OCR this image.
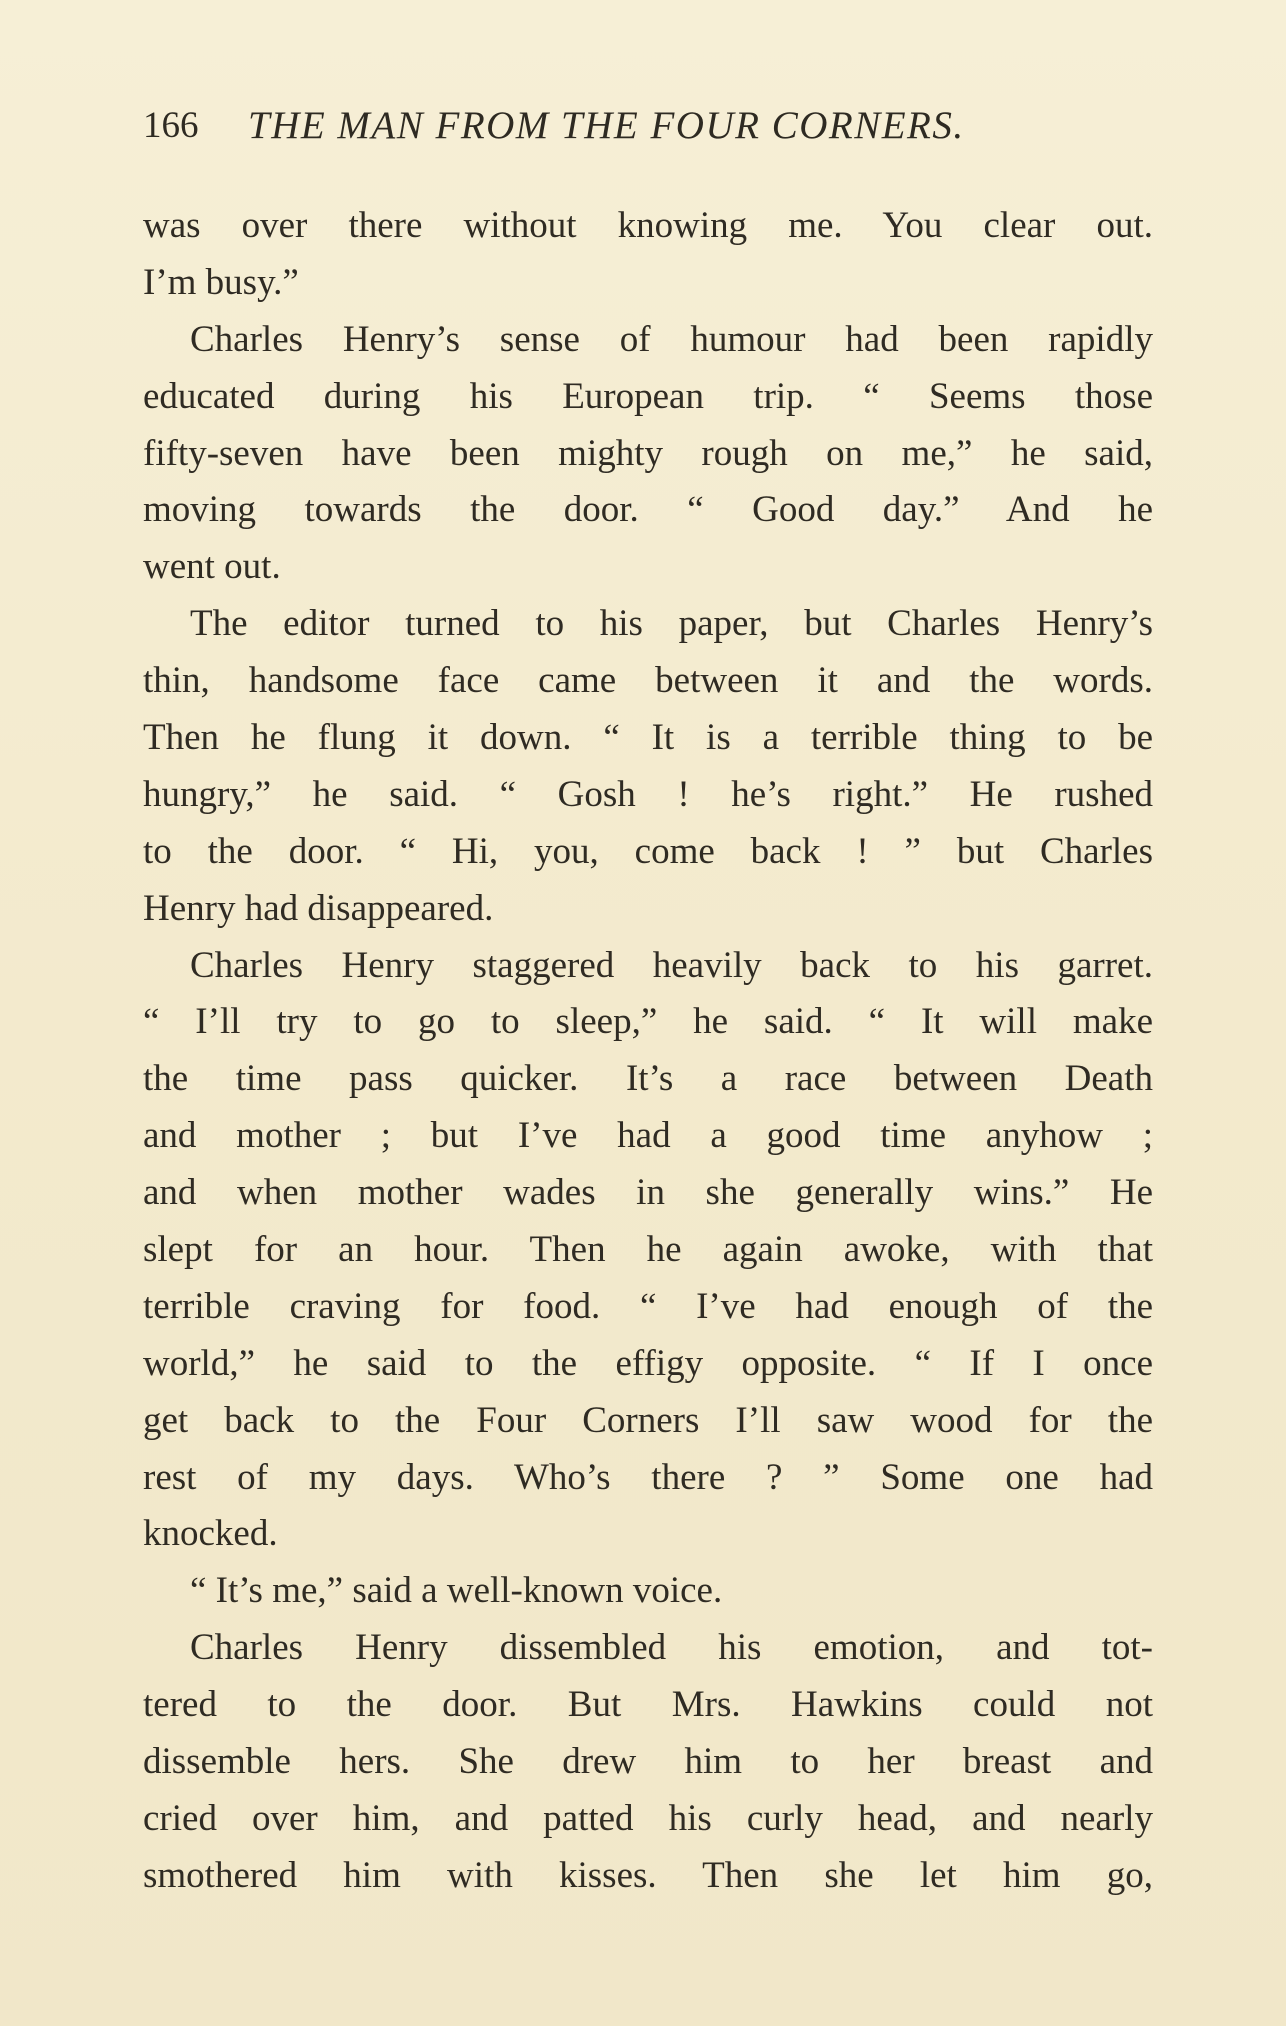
166 THE MAN FROM THE FOUR CORNERS.
was over there without knowing me. You clear out.
I’m busy.”
Charles Henry’s sense of humour had been rapidly
educated during his European trip. “ Seems those
fifty-seven have been mighty rough on me,” he said,
moving towards the door. “ Good day.” And he
went out.
The editor turned to his paper, but Charles Henry’s
thin, handsome face came between it and the words.
Then he flung it down. “ It is a terrible thing to be
hungry,” he said. “ Gosh ! he’s right.” He rushed
to the door. “ Hi, you, come back ! ” but Charles
Henry had disappeared.
Charles Henry staggered heavily back to his garret.
“ I’ll try to go to sleep,” he said. “ It will make
the time pass quicker. It’s a race between Death
and mother ; but I’ve had a good time anyhow ;
and when mother wades in she generally wins.” He
slept for an hour. Then he again awoke, with that
terrible craving for food. “ I’ve had enough of the
world,” he said to the effigy opposite. “ If I once
get back to the Four Corners I’ll saw wood for the
rest of my days. Who’s there ? ” Some one had
knocked.
“ It’s me,” said a well-known voice.
Charles Henry dissembled his emotion, and tot-
tered to the door. But Mrs. Hawkins could not
dissemble hers. She drew him to her breast and
cried over him, and patted his curly head, and nearly
smothered him with kisses. Then she let him go,
